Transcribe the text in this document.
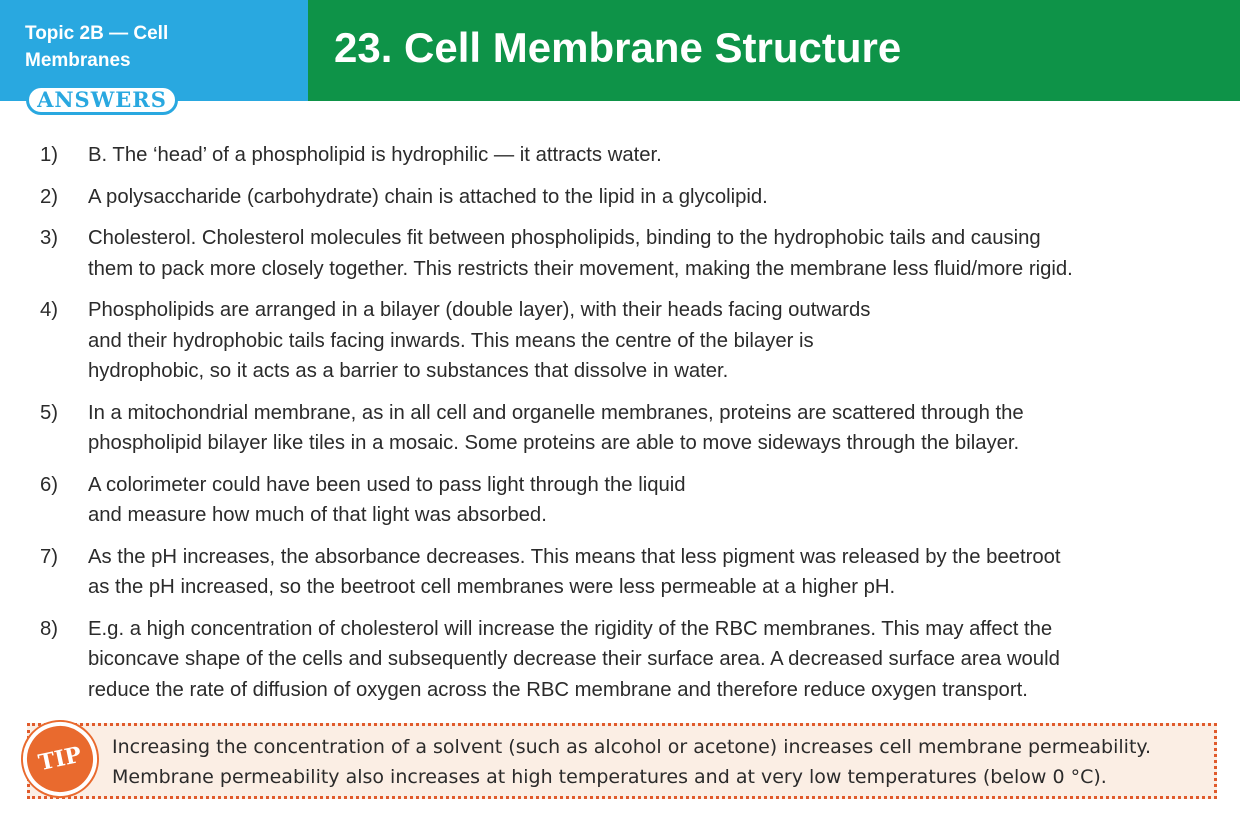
Topic 2B — Cell
Membranes	23. Cell Membrane Structure
ANSWERS
1) B. The ‘head’ of a phospholipid is hydrophilic — it attracts water.
2) A polysaccharide (carbohydrate) chain is attached to the lipid in a glycolipid.
3) Cholesterol. Cholesterol molecules fit between phospholipids, binding to the hydrophobic tails and causing
them to pack more closely together. This restricts their movement, making the membrane less fluid/more rigid.
4) Phospholipids are arranged in a bilayer (double layer), with their heads facing outwards
and their hydrophobic tails facing inwards. This means the centre of the bilayer is
hydrophobic, so it acts as a barrier to substances that dissolve in water.
5) In a mitochondrial membrane, as in all cell and organelle membranes, proteins are scattered through the
phospholipid bilayer like tiles in a mosaic. Some proteins are able to move sideways through the bilayer.
6) A colorimeter could have been used to pass light through the liquid
and measure how much of that light was absorbed.
7) As the pH increases, the absorbance decreases. This means that less pigment was released by the beetroot
as the pH increased, so the beetroot cell membranes were less permeable at a higher pH.
8) E.g. a high concentration of cholesterol will increase the rigidity of the RBC membranes. This may affect the
biconcave shape of the cells and subsequently decrease their surface area. A decreased surface area would
reduce the rate of diffusion of oxygen across the RBC membrane and therefore reduce oxygen transport.
TIP	Increasing the concentration of a solvent (such as alcohol or acetone) increases cell membrane permeability.
Membrane permeability also increases at high temperatures and at very low temperatures (below 0 °C).
